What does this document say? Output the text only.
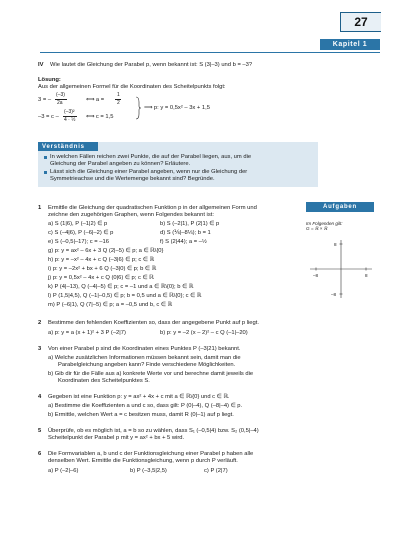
27
Kapitel 1
IV Wie lautet die Gleichung der Parabel p, wenn bekannt ist: S (3|–3) und b = –3?
Lösung:
Aus der allgemeinen Formel für die Koordinaten des Scheitelpunkts folgt:
3 = –
(–3)
2a	⟺ a =
1
2
–3 = c –
(–3)²
4 · ½ ⟺ c = 1,5
⟹ p: y = 0,5x² – 3x + 1,5
Verständnis
In welchen Fällen reichen zwei Punkte, die auf der Parabel liegen, aus, um die
Gleichung der Parabel angeben zu können? Erläutere.
Lässt sich die Gleichung einer Parabel angeben, wenn nur die Gleichung der
Symmetrieachse und die Wertemenge bekannt sind? Begründe.
Aufgaben
Im Folgenden gilt:
G = ℝ × ℝ
8
–8
–8	8
1 Ermittle die Gleichung der quadratischen Funktion p in der allgemeinen Form und
zeichne den zugehörigen Graphen, wenn Folgendes bekannt ist:
a) S (1|6), P (–1|2) ∈ p
c) S (–4|6), P (–6|–2) ∈ p
e) S (–0,5|–17); c = –16
g) p: y = ax² – 6x + 3 Q (2|–5) ∈ p; a ∈ ℝ\{0}
h) p: y = –x² – 4x + c Q (–3|6) ∈ p; c ∈ ℝ
i) p: y = –2x² + bx + 6 Q (–3|0) ∈ p; b ∈ ℝ
j) p: y = 0,5x² – 4x + c Q (0|6) ∈ p; c ∈ ℝ
k) P (4|–13), Q (–4|–5) ∈ p; c = –1 und a ∈ ℝ\{0}; b ∈ ℝ
l) P (1,5|4,5), Q (–1|–0,5) ∈ p; b = 0,5 und a ∈ ℝ\{0}; c ∈ ℝ
m) P (–6|1), Q (7|–5) ∈ p; a = –0,5 und b, c ∈ ℝ
b) S (–2|1), P (2|1) ∈ p
d) S (⅙|–8⅓); b = 1
f) S (2|44); a = –½
2 Bestimme den fehlenden Koeffizienten so, dass der angegebene Punkt auf p liegt.
a) p: y = a (x + 1)² + 3 P (–2|7)	b) p: y = –2 (x – 2)² – c Q (–1|–20)
3 Von einer Parabel p sind die Koordinaten eines Punktes P (–3|21) bekannt.
a) Welche zusätzlichen Informationen müssen bekannt sein, damit man die
Parabelgleichung angeben kann? Finde verschiedene Möglichkeiten.
b) Gib dir für die Fälle aus a) konkrete Werte vor und berechne damit jeweils die
Koordinaten des Scheitelpunktes S.
4 Gegeben ist eine Funktion p: y = ax² + 4x + c mit a ∈ ℝ\{0} und c ∈ ℝ.
a) Bestimme die Koeffizienten a und c so, dass gilt: P (0|–4), Q (–8|–4) ∈ p.
b) Ermittle, welchen Wert a = c besitzen muss, damit R (0|–1) auf p liegt.
5 Überprüfe, ob es möglich ist, a = b so zu wählen, dass S₁ (–0,5|4) bzw. S₂ (0,5|–4)
Scheitelpunkt der Parabel p mit y = ax² + bx + 5 wird.
6 Die Formvariablen a, b und c der Funktionsgleichung einer Parabel p haben alle
denselben Wert. Ermittle die Funktionsgleichung, wenn p durch P verläuft.
a) P (–2|–6)	b) P (–3,5|2,5)	c) P (2|7)
